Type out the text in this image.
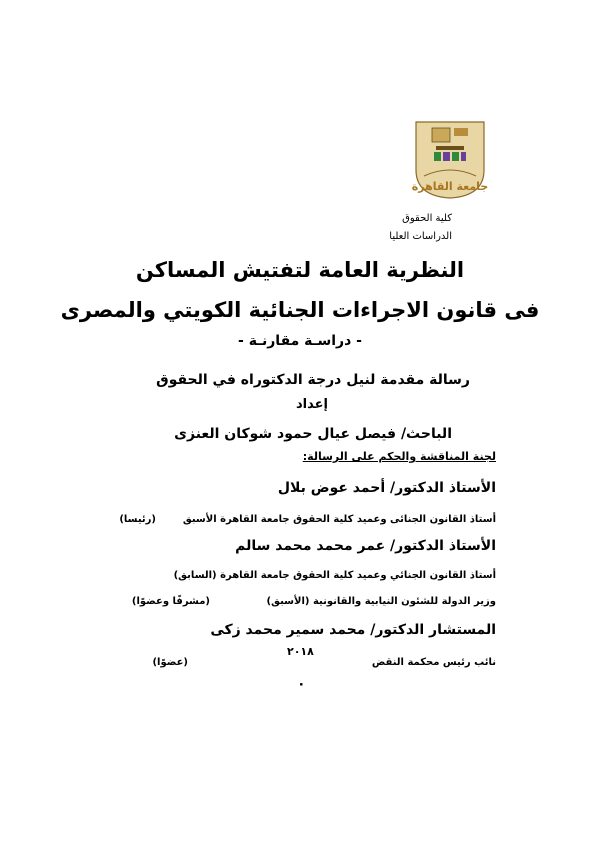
جامعة القاهرة
كلية الحقوق
الدراسات العليا
النظرية العامة لتفتيش المساكن
فى قانون الاجراءات الجنائية الكويتي والمصرى
- دراسـة مقارنـة -
رسالة مقدمة لنيل درجة الدكتوراه في الحقوق
إعداد
الباحث/ فيصل عيال حمود شوكان العنزى
لجنة المناقشة والحكم على الرسالة:
الأستاذ الدكتور/ أحمد عوض بلال
أستاذ القانون الجنائى وعميد كلية الحقوق جامعة القاهرة الأسبق
(رئيسا)
الأستاذ الدكتور/ عمر محمد محمد سالم
أستاذ القانون الجنائي وعميد كلية الحقوق جامعة القاهرة (السابق)
وزير الدولة للشئون النيابية والقانونية (الأسبق)
(مشرفًا وعضوًا)
المستشار الدكتور/ محمد سمير محمد زكى
نائب رئيس محكمة النقض
(عضوًا)
٢٠١٨
٠
